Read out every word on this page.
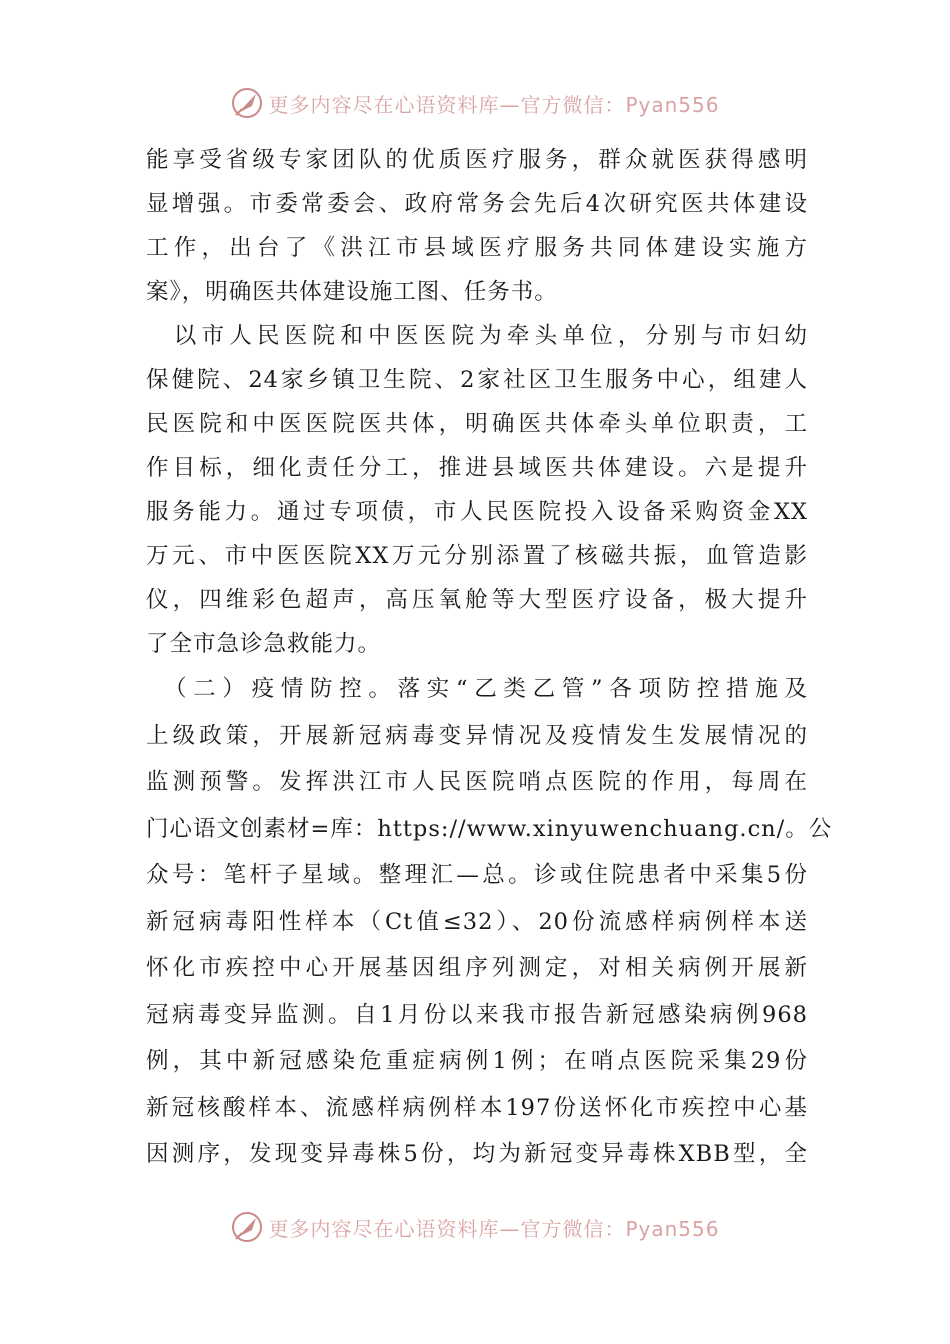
更多内容尽在心语资料库—官方微信：Pyan556
能享受省级专家团队的优质医疗服务，群众就医获得感明
显增强。市委常委会、政府常务会先后4次研究医共体建设
工作，出台了《洪江市县域医疗服务共同体建设实施方
案》，明确医共体建设施工图、任务书。
　以市人民医院和中医医院为牵头单位，分别与市妇幼
保健院、24家乡镇卫生院、2家社区卫生服务中心，组建人
民医院和中医医院医共体，明确医共体牵头单位职责，工
作目标，细化责任分工，推进县域医共体建设。六是提升
服务能力。通过专项债，市人民医院投入设备采购资金XX
万元、市中医医院XX万元分别添置了核磁共振，血管造影
仪，四维彩色超声，高压氧舱等大型医疗设备，极大提升
了全市急诊急救能力。
　（二）疫情防控。落实“乙类乙管”各项防控措施及
上级政策，开展新冠病毒变异情况及疫情发生发展情况的
监测预警。发挥洪江市人民医院哨点医院的作用，每周在
门心语文创素材=库：https://www.xinyuwenchuang.cn/。公
众号：笔杆子星域。整理汇—总。诊或住院患者中采集5份
新冠病毒阳性样本（Ct值≤32）、20份流感样病例样本送
怀化市疾控中心开展基因组序列测定，对相关病例开展新
冠病毒变异监测。自1月份以来我市报告新冠感染病例968
例，其中新冠感染危重症病例1例；在哨点医院采集29份
新冠核酸样本、流感样病例样本197份送怀化市疾控中心基
因测序，发现变异毒株5份，均为新冠变异毒株XBB型，全
更多内容尽在心语资料库—官方微信：Pyan556
